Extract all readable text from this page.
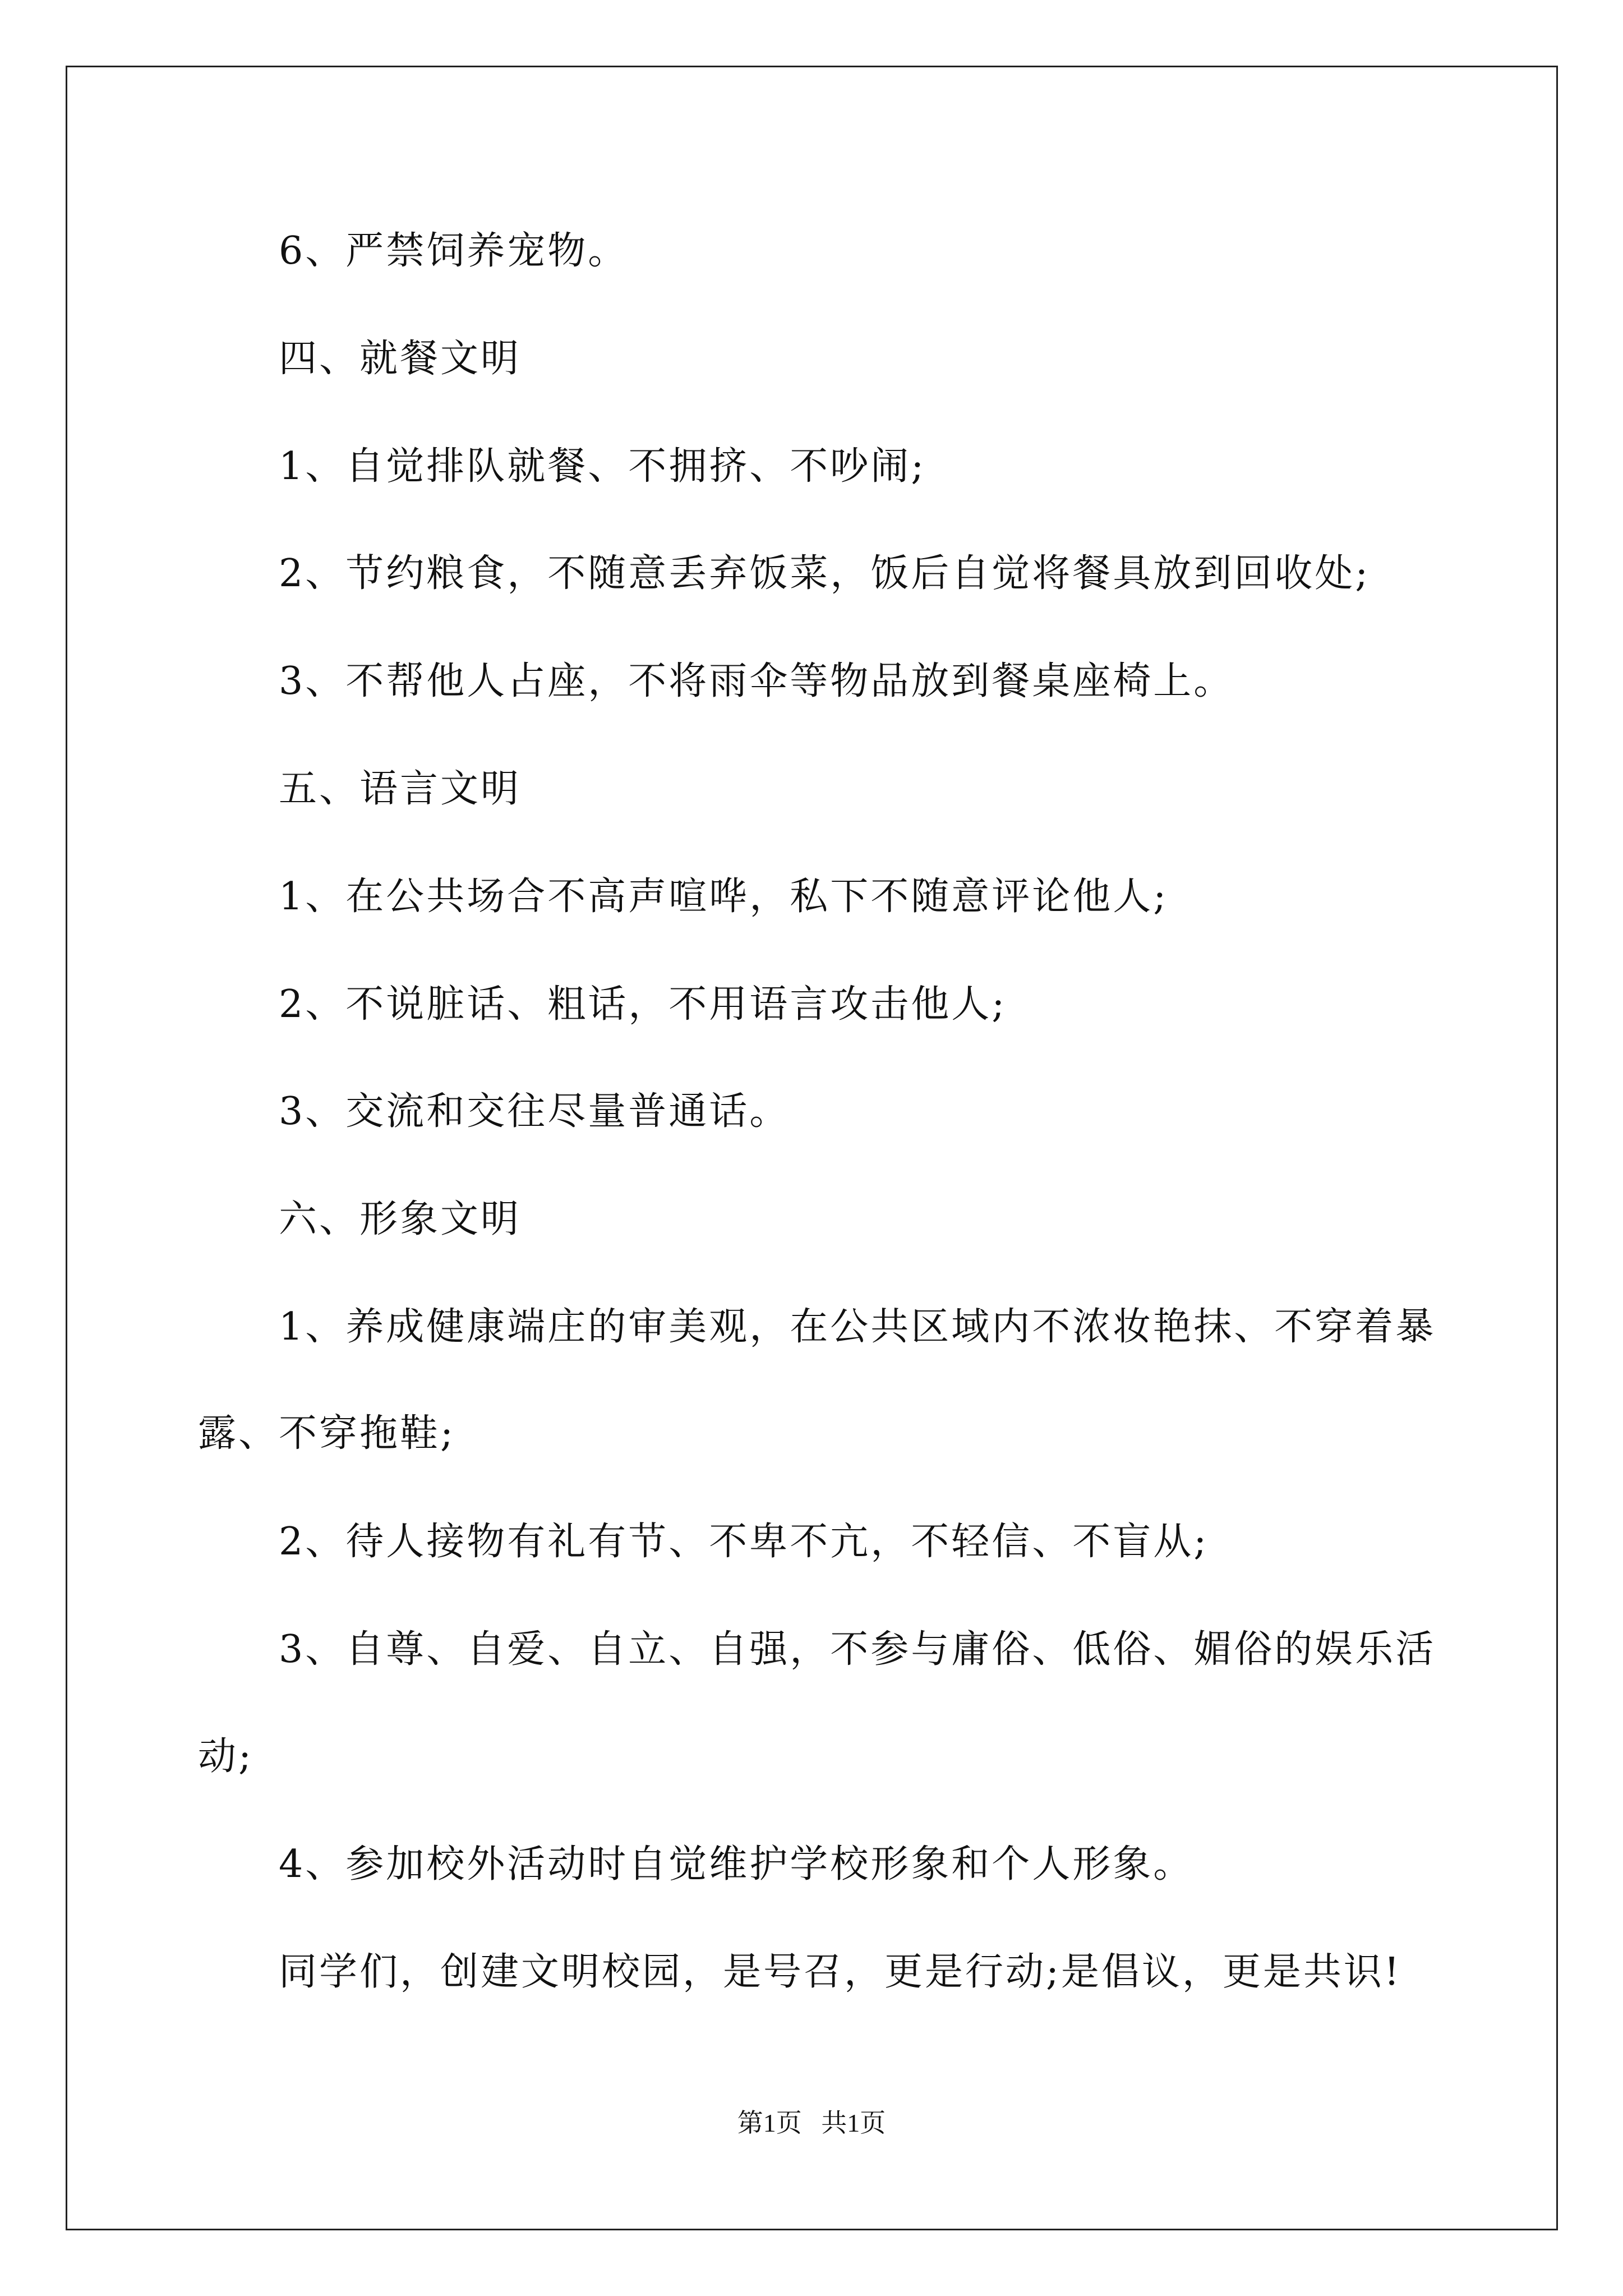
6、严禁饲养宠物。
四、就餐文明
1、自觉排队就餐、不拥挤、不吵闹;
2、节约粮食，不随意丢弃饭菜，饭后自觉将餐具放到回收处;
3、不帮他人占座，不将雨伞等物品放到餐桌座椅上。
五、语言文明
1、在公共场合不高声喧哗，私下不随意评论他人;
2、不说脏话、粗话，不用语言攻击他人;
3、交流和交往尽量普通话。
六、形象文明
1、养成健康端庄的审美观，在公共区域内不浓妆艳抹、不穿着暴
露、不穿拖鞋;
2、待人接物有礼有节、不卑不亢，不轻信、不盲从;
3、自尊、自爱、自立、自强，不参与庸俗、低俗、媚俗的娱乐活
动;
4、参加校外活动时自觉维护学校形象和个人形象。
同学们，创建文明校园，是号召，更是行动;是倡议，更是共识!
第1页   共1页
